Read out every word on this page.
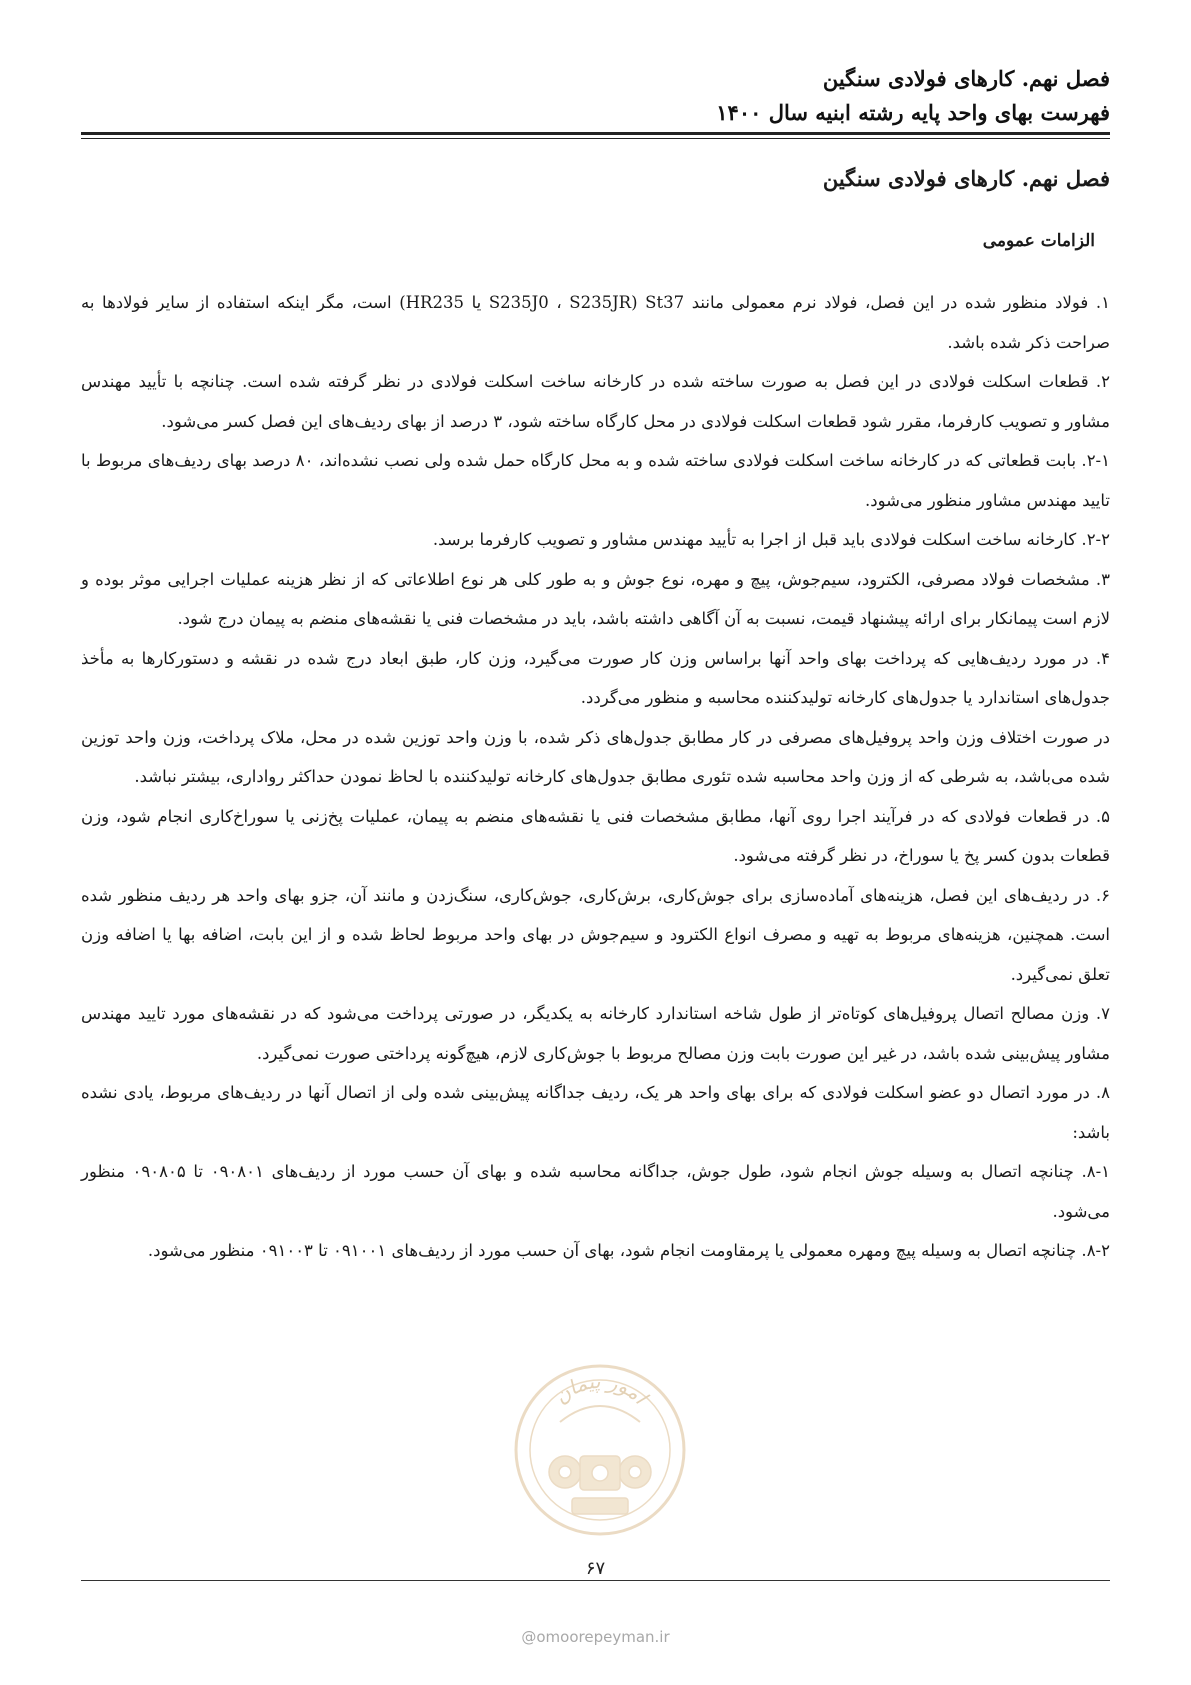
فصل نهم. کارهای فولادی سنگین
فهرست بهای واحد پایه رشته ابنیه سال ۱۴۰۰
فصل نهم. کارهای فولادی سنگین
الزامات عمومی

۱. فولاد منظور شده در این فصل، فولاد نرم معمولی مانند St37 (S235J0 ، S235JR یا HR235) است، مگر اینکه استفاده از سایر فولادها به صراحت ذکر شده باشد.

۲. قطعات اسکلت فولادی در این فصل به صورت ساخته شده در کارخانه ساخت اسکلت فولادی در نظر گرفته شده است. چنانچه با تأیید مهندس مشاور و تصویب کارفرما، مقرر شود قطعات اسکلت فولادی در محل کارگاه ساخته شود، ۳ درصد از بهای ردیف‌های این فصل کسر می‌شود.

۲-۱. بابت قطعاتی که در کارخانه ساخت اسکلت فولادی ساخته شده و به محل کارگاه حمل شده ولی نصب نشده‌اند، ۸۰ درصد بهای ردیف‌های مربوط با تایید مهندس مشاور منظور می‌شود.

۲-۲. کارخانه ساخت اسکلت فولادی باید قبل از اجرا به تأیید مهندس مشاور و تصویب کارفرما برسد.

۳. مشخصات فولاد مصرفی، الکترود، سیم‌جوش، پیچ و مهره، نوع جوش و به طور کلی هر نوع اطلاعاتی که از نظر هزینه عملیات اجرایی موثر بوده و لازم است پیمانکار برای ارائه پیشنهاد قیمت، نسبت به آن آگاهی داشته باشد، باید در مشخصات فنی یا نقشه‌های منضم به پیمان درج شود.

۴. در مورد ردیف‌هایی که پرداخت بهای واحد آنها براساس وزن کار صورت می‌گیرد، وزن کار، طبق ابعاد درج شده در نقشه و دستورکارها به مأخذ جدول‌های استاندارد یا جدول‌های کارخانه تولیدکننده محاسبه و منظور می‌گردد.

در صورت اختلاف وزن واحد پروفیل‌های مصرفی در کار مطابق جدول‌های ذکر شده، با وزن واحد توزین شده در محل، ملاک پرداخت، وزن واحد توزین شده می‌باشد، به شرطی که از وزن واحد محاسبه شده تئوری مطابق جدول‌های کارخانه تولیدکننده با لحاظ نمودن حداکثر رواداری، بیشتر نباشد.

۵. در قطعات فولادی که در فرآیند اجرا روی آنها، مطابق مشخصات فنی یا نقشه‌های منضم به پیمان، عملیات پخ‌زنی یا سوراخ‌کاری انجام شود، وزن قطعات بدون کسر پخ یا سوراخ، در نظر گرفته می‌شود.

۶. در ردیف‌های این فصل، هزینه‌های آماده‌سازی برای جوش‌کاری، برش‌کاری، جوش‌کاری، سنگ‌زدن و مانند آن، جزو بهای واحد هر ردیف منظور شده است. همچنین، هزینه‌های مربوط به تهیه و مصرف انواع الکترود و سیم‌جوش در بهای واحد مربوط لحاظ شده و از این بابت، اضافه بها یا اضافه وزن تعلق نمی‌گیرد.

۷. وزن مصالح اتصال پروفیل‌های کوتاه‌تر از طول شاخه استاندارد کارخانه به یکدیگر، در صورتی پرداخت می‌شود که در نقشه‌های مورد تایید مهندس مشاور پیش‌بینی شده باشد، در غیر این صورت بابت وزن مصالح مربوط با جوش‌کاری لازم، هیچ‌گونه پرداختی صورت نمی‌گیرد.

۸. در مورد اتصال دو عضو اسکلت فولادی که برای بهای واحد هر یک، ردیف جداگانه پیش‌بینی شده ولی از اتصال آنها در ردیف‌های مربوط، یادی نشده باشد:

۸-۱. چنانچه اتصال به وسیله جوش انجام شود، طول جوش، جداگانه محاسبه شده و بهای آن حسب مورد از ردیف‌های ۰۹۰۸۰۱ تا ۰۹۰۸۰۵ منظور می‌شود.

۸-۲. چنانچه اتصال به وسیله پیچ ومهره معمولی یا پرمقاومت انجام شود، بهای آن حسب مورد از ردیف‌های ۰۹۱۰۰۱ تا ۰۹۱۰۰۳ منظور می‌شود.

امور پیمان
۶۷
@omoorepeyman.ir
